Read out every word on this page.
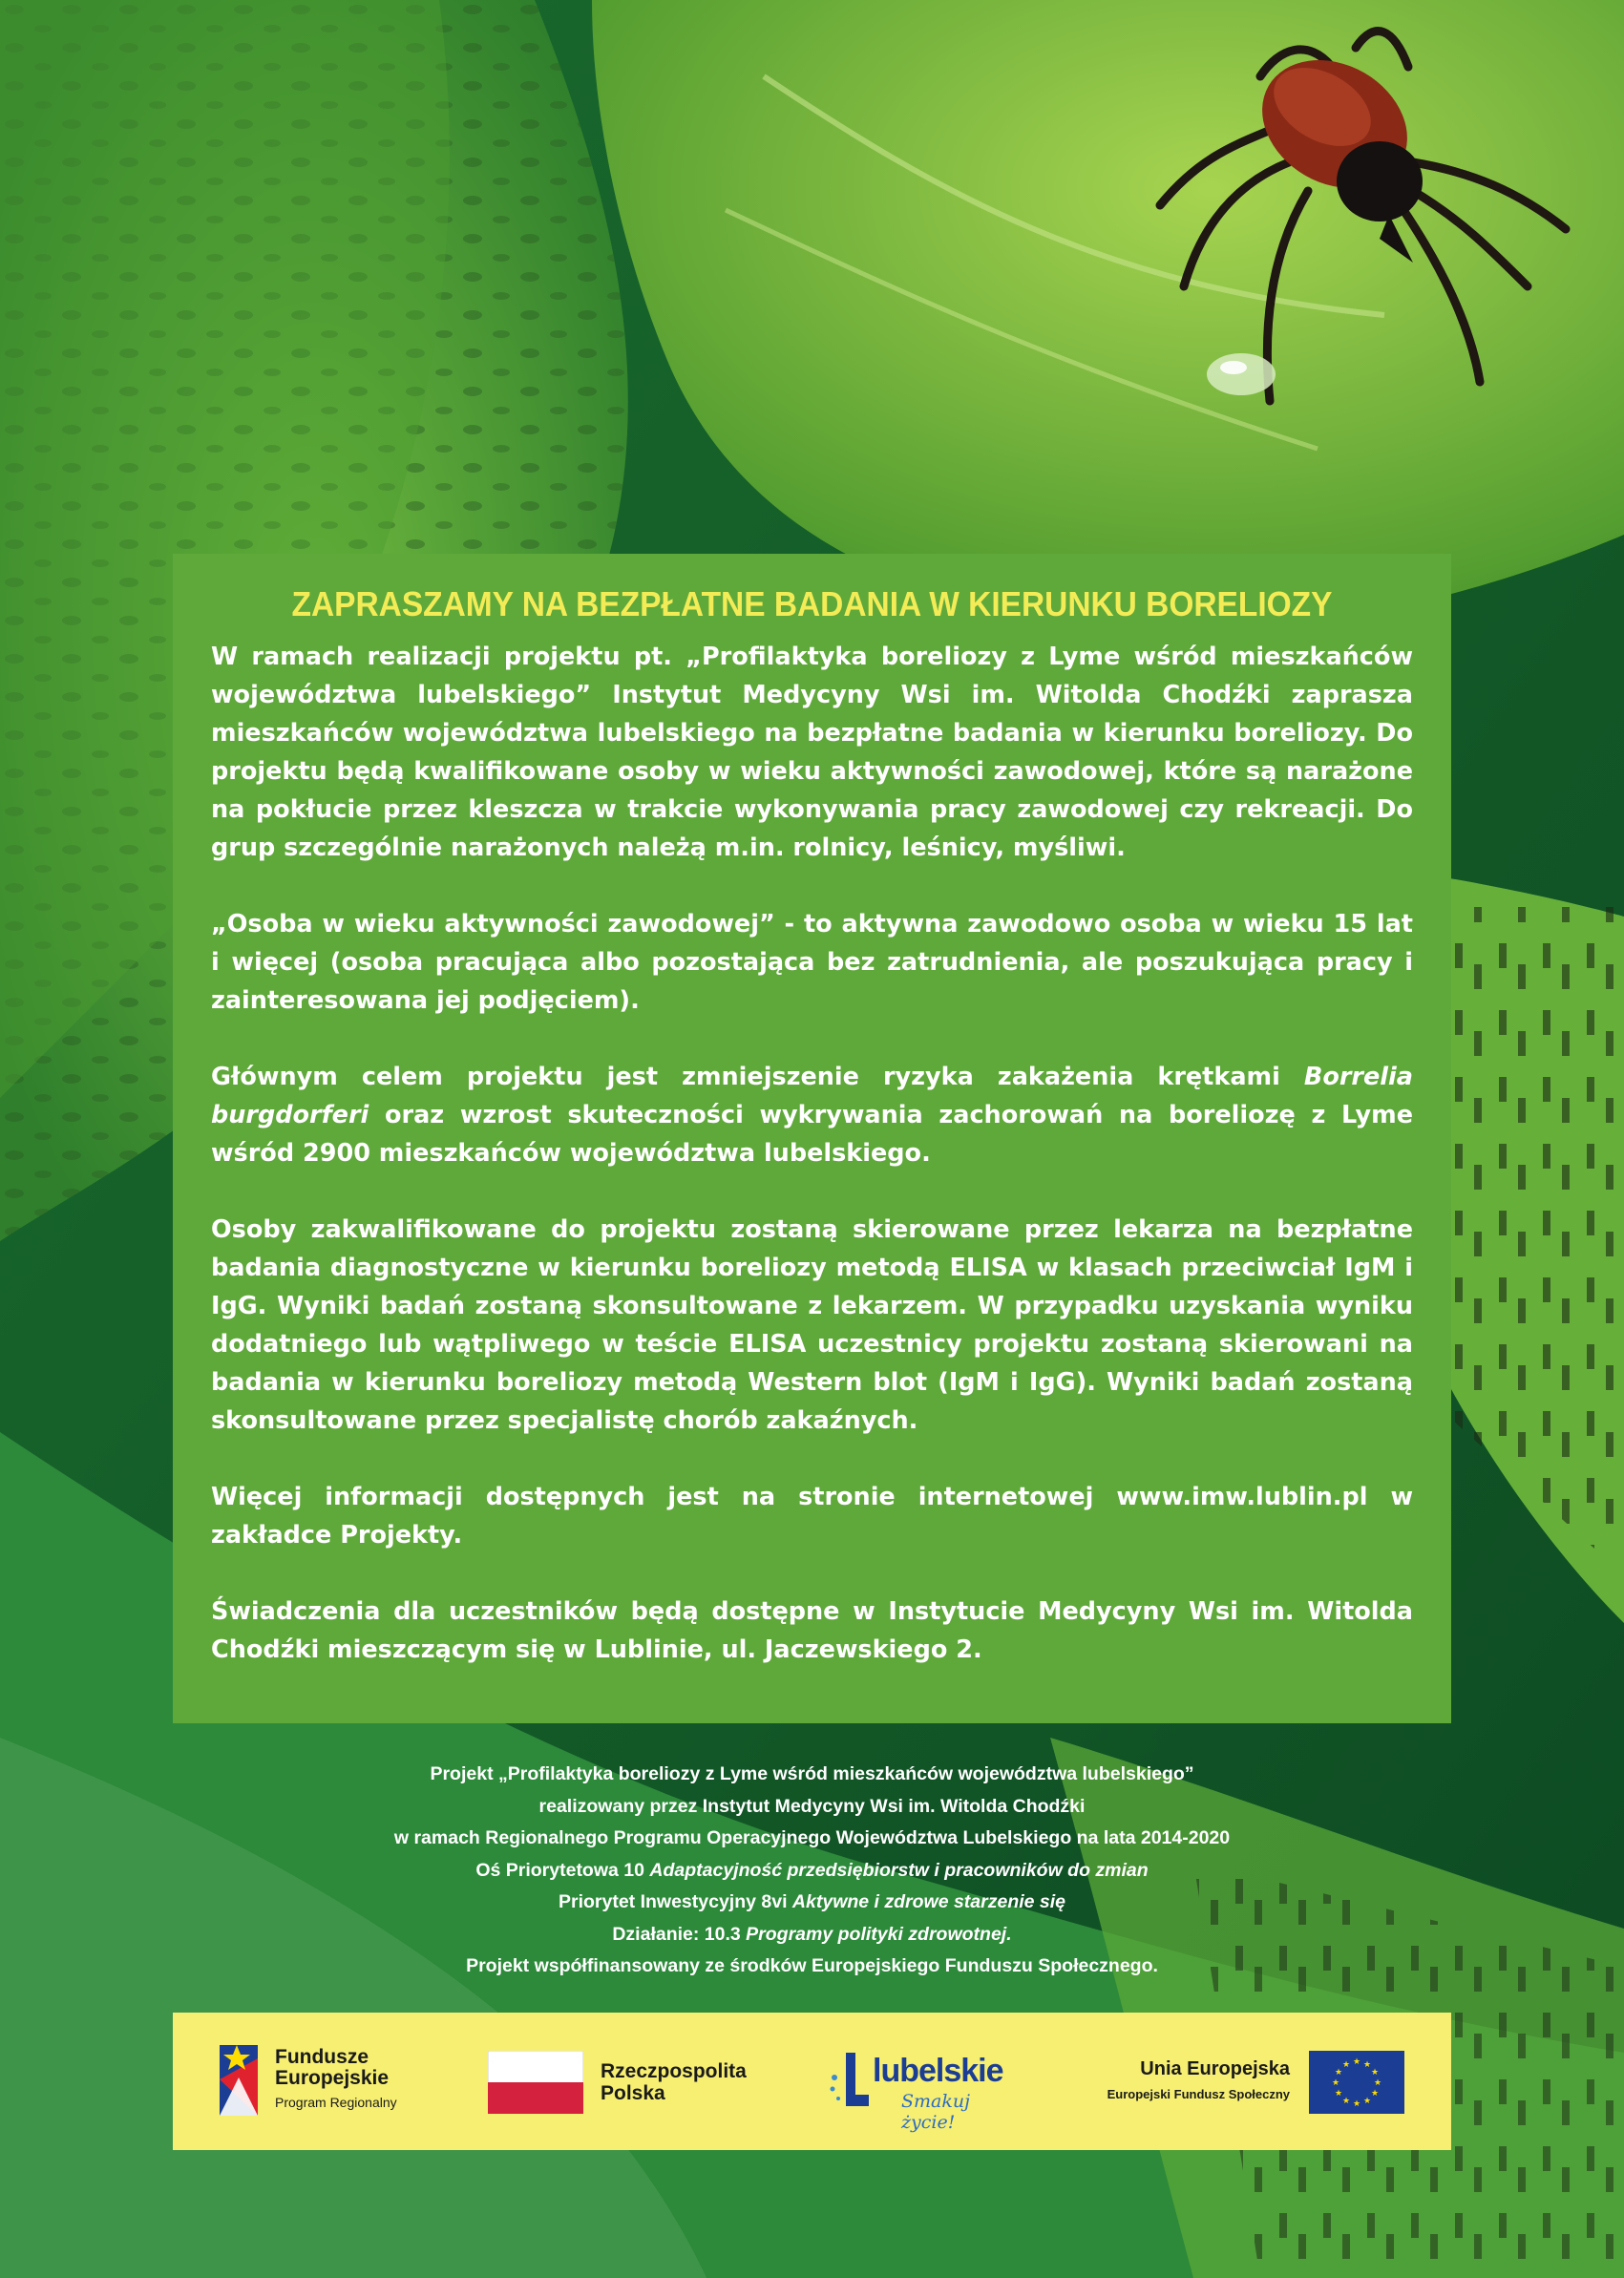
ZAPRASZAMY NA BEZPŁATNE BADANIA W KIERUNKU BORELIOZY

W ramach realizacji projektu pt. „Profilaktyka boreliozy z Lyme wśród mieszkańców województwa lubelskiego” Instytut Medycyny Wsi im. Witolda Chodźki zaprasza mieszkańców województwa lubelskiego na bezpłatne badania w kierunku boreliozy. Do projektu będą kwalifikowane osoby w wieku aktywności zawodowej, które są narażone na pokłucie przez kleszcza w trakcie wykonywania pracy zawodowej czy rekreacji. Do grup szczególnie narażonych należą m.in. rolnicy, leśnicy, myśliwi.

„Osoba w wieku aktywności zawodowej” - to aktywna zawodowo osoba w wieku 15 lat i więcej (osoba pracująca albo pozostająca bez zatrudnienia, ale poszukująca pracy i zainteresowana jej podjęciem).

Głównym celem projektu jest zmniejszenie ryzyka zakażenia krętkami Borrelia burgdorferi oraz wzrost skuteczności wykrywania zachorowań na boreliozę z Lyme wśród 2900 mieszkańców województwa lubelskiego.

Osoby zakwalifikowane do projektu zostaną skierowane przez lekarza na bezpłatne badania diagnostyczne w kierunku boreliozy metodą ELISA w klasach przeciwciał IgM i IgG. Wyniki badań zostaną skonsultowane z lekarzem. W przypadku uzyskania wyniku dodatniego lub wątpliwego w teście ELISA uczestnicy projektu zostaną skierowani na badania w kierunku boreliozy metodą Western blot (IgM i IgG). Wyniki badań zostaną skonsultowane przez specjalistę chorób zakaźnych.

Więcej informacji dostępnych jest na stronie internetowej www.imw.lublin.pl w zakładce Projekty.

Świadczenia dla uczestników będą dostępne w Instytucie Medycyny Wsi im. Witolda Chodźki mieszczącym się w Lublinie, ul. Jaczewskiego 2.

Projekt „Profilaktyka boreliozy z Lyme wśród mieszkańców województwa lubelskiego”
realizowany przez Instytut Medycyny Wsi im. Witolda Chodźki
w ramach Regionalnego Programu Operacyjnego Województwa Lubelskiego na lata 2014-2020
Oś Priorytetowa 10 Adaptacyjność przedsiębiorstw i pracowników do zmian
Priorytet Inwestycyjny 8vi Aktywne i zdrowe starzenie się
Działanie: 10.3 Programy polityki zdrowotnej.
Projekt współfinansowany ze środków Europejskiego Funduszu Społecznego.
Fundusze
Europejskie
Program Regionalny
Rzeczpospolita
Polska
lubelskie
Smakuj życie!
Unia Europejska
Europejski Fundusz Społeczny
★ ★
★
★
★
★
★
★
★
★
★
★
